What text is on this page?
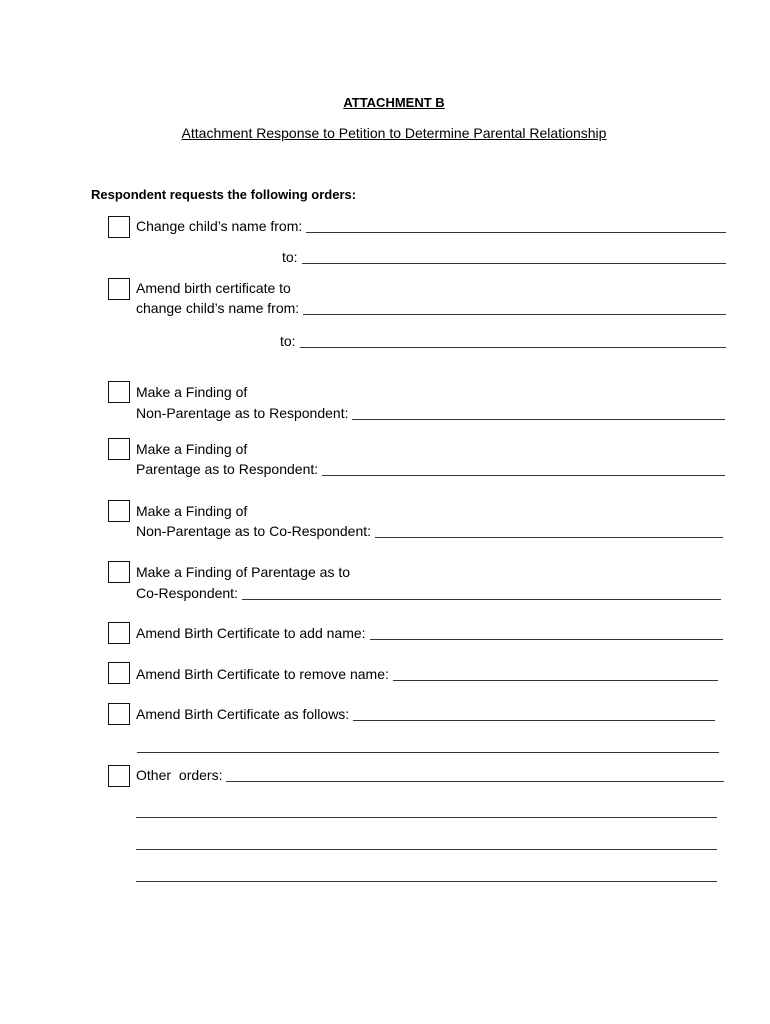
ATTACHMENT B
Attachment Response to Petition to Determine Parental Relationship
Respondent requests the following orders:
Change child’s name from:
to:
Amend birth certificate to
change child’s name from:
to:
Make a Finding of
Non-Parentage as to Respondent:
Make a Finding of
Parentage as to Respondent:
Make a Finding of
Non-Parentage as to Co-Respondent:
Make a Finding of Parentage as to
Co-Respondent:
Amend Birth Certificate to add name:
Amend Birth Certificate to remove name:
Amend Birth Certificate as follows:
Other orders:
